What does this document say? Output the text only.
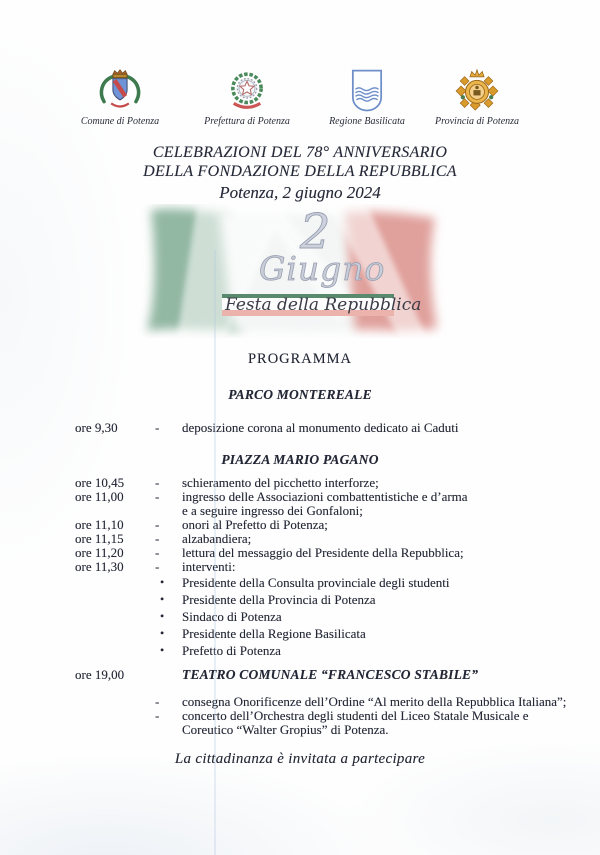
Comune di Potenza	Prefettura di Potenza	Regione Basilicata	Provincia di Potenza
CELEBRAZIONI DEL 78° ANNIVERSARIO
DELLA FONDAZIONE DELLA REPUBBLICA
Potenza, 2 giugno 2024
2
Giugno
Festa della Repubblica
PROGRAMMA
PARCO MONTEREALE
ore 9,30	-	deposizione corona al monumento dedicato ai Caduti
PIAZZA MARIO PAGANO
ore 10,45	-	schieramento del picchetto interforze;
ore 11,00	-	ingresso delle Associazioni combattentistiche e d’arma
e a seguire ingresso dei Gonfaloni;
ore 11,10	-	onori al Prefetto di Potenza;
ore 11,15	-	alzabandiera;
ore 11,20	-	lettura del messaggio del Presidente della Repubblica;
ore 11,30	-	interventi:
•	Presidente della Consulta provinciale degli studenti
•	Presidente della Provincia di Potenza
•	Sindaco di Potenza
•	Presidente della Regione Basilicata
•	Prefetto di Potenza
ore 19,00	TEATRO COMUNALE “FRANCESCO STABILE”
-	consegna Onorificenze dell’Ordine “Al merito della Repubblica Italiana”;
-	concerto dell’Orchestra degli studenti del Liceo Statale Musicale e
Coreutico “Walter Gropius” di Potenza.
La cittadinanza è invitata a partecipare
